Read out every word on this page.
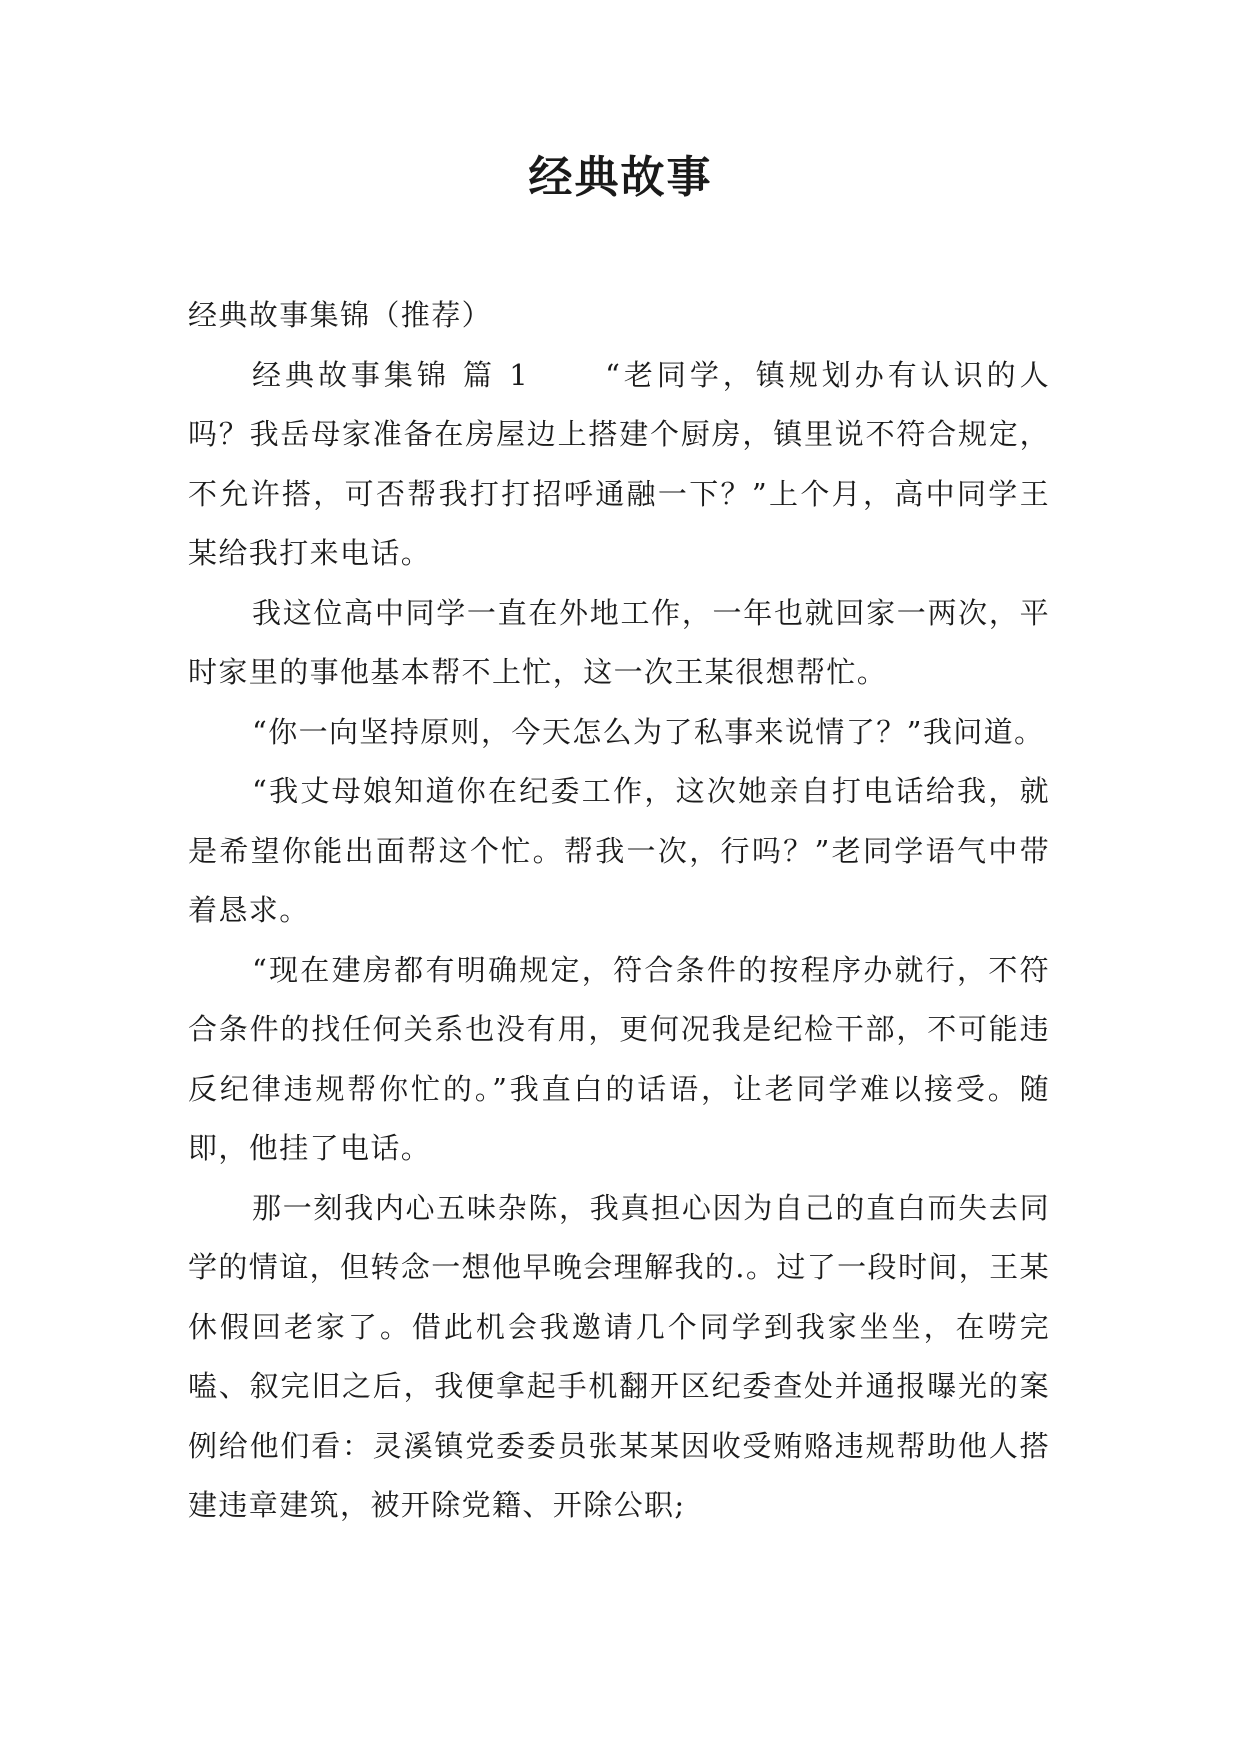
经典故事

经典故事集锦（推荐）

经典故事集锦 篇 1	“老同学，镇规划办有认识的人吗？我岳母家准备在房屋边上搭建个厨房，镇里说不符合规定，不允许搭，可否帮我打打招呼通融一下？”上个月，高中同学王某给我打来电话。

我这位高中同学一直在外地工作，一年也就回家一两次，平时家里的事他基本帮不上忙，这一次王某很想帮忙。

“你一向坚持原则，今天怎么为了私事来说情了？”我问道。

“我丈母娘知道你在纪委工作，这次她亲自打电话给我，就是希望你能出面帮这个忙。帮我一次，行吗？”老同学语气中带着恳求。

“现在建房都有明确规定，符合条件的按程序办就行，不符合条件的找任何关系也没有用，更何况我是纪检干部，不可能违反纪律违规帮你忙的。”我直白的话语，让老同学难以接受。随即，他挂了电话。

那一刻我内心五味杂陈，我真担心因为自己的直白而失去同学的情谊，但转念一想他早晚会理解我的.。过了一段时间，王某休假回老家了。借此机会我邀请几个同学到我家坐坐，在唠完嗑、叙完旧之后，我便拿起手机翻开区纪委查处并通报曝光的案例给他们看：灵溪镇党委委员张某某因收受贿赂违规帮助他人搭建违章建筑，被开除党籍、开除公职;
